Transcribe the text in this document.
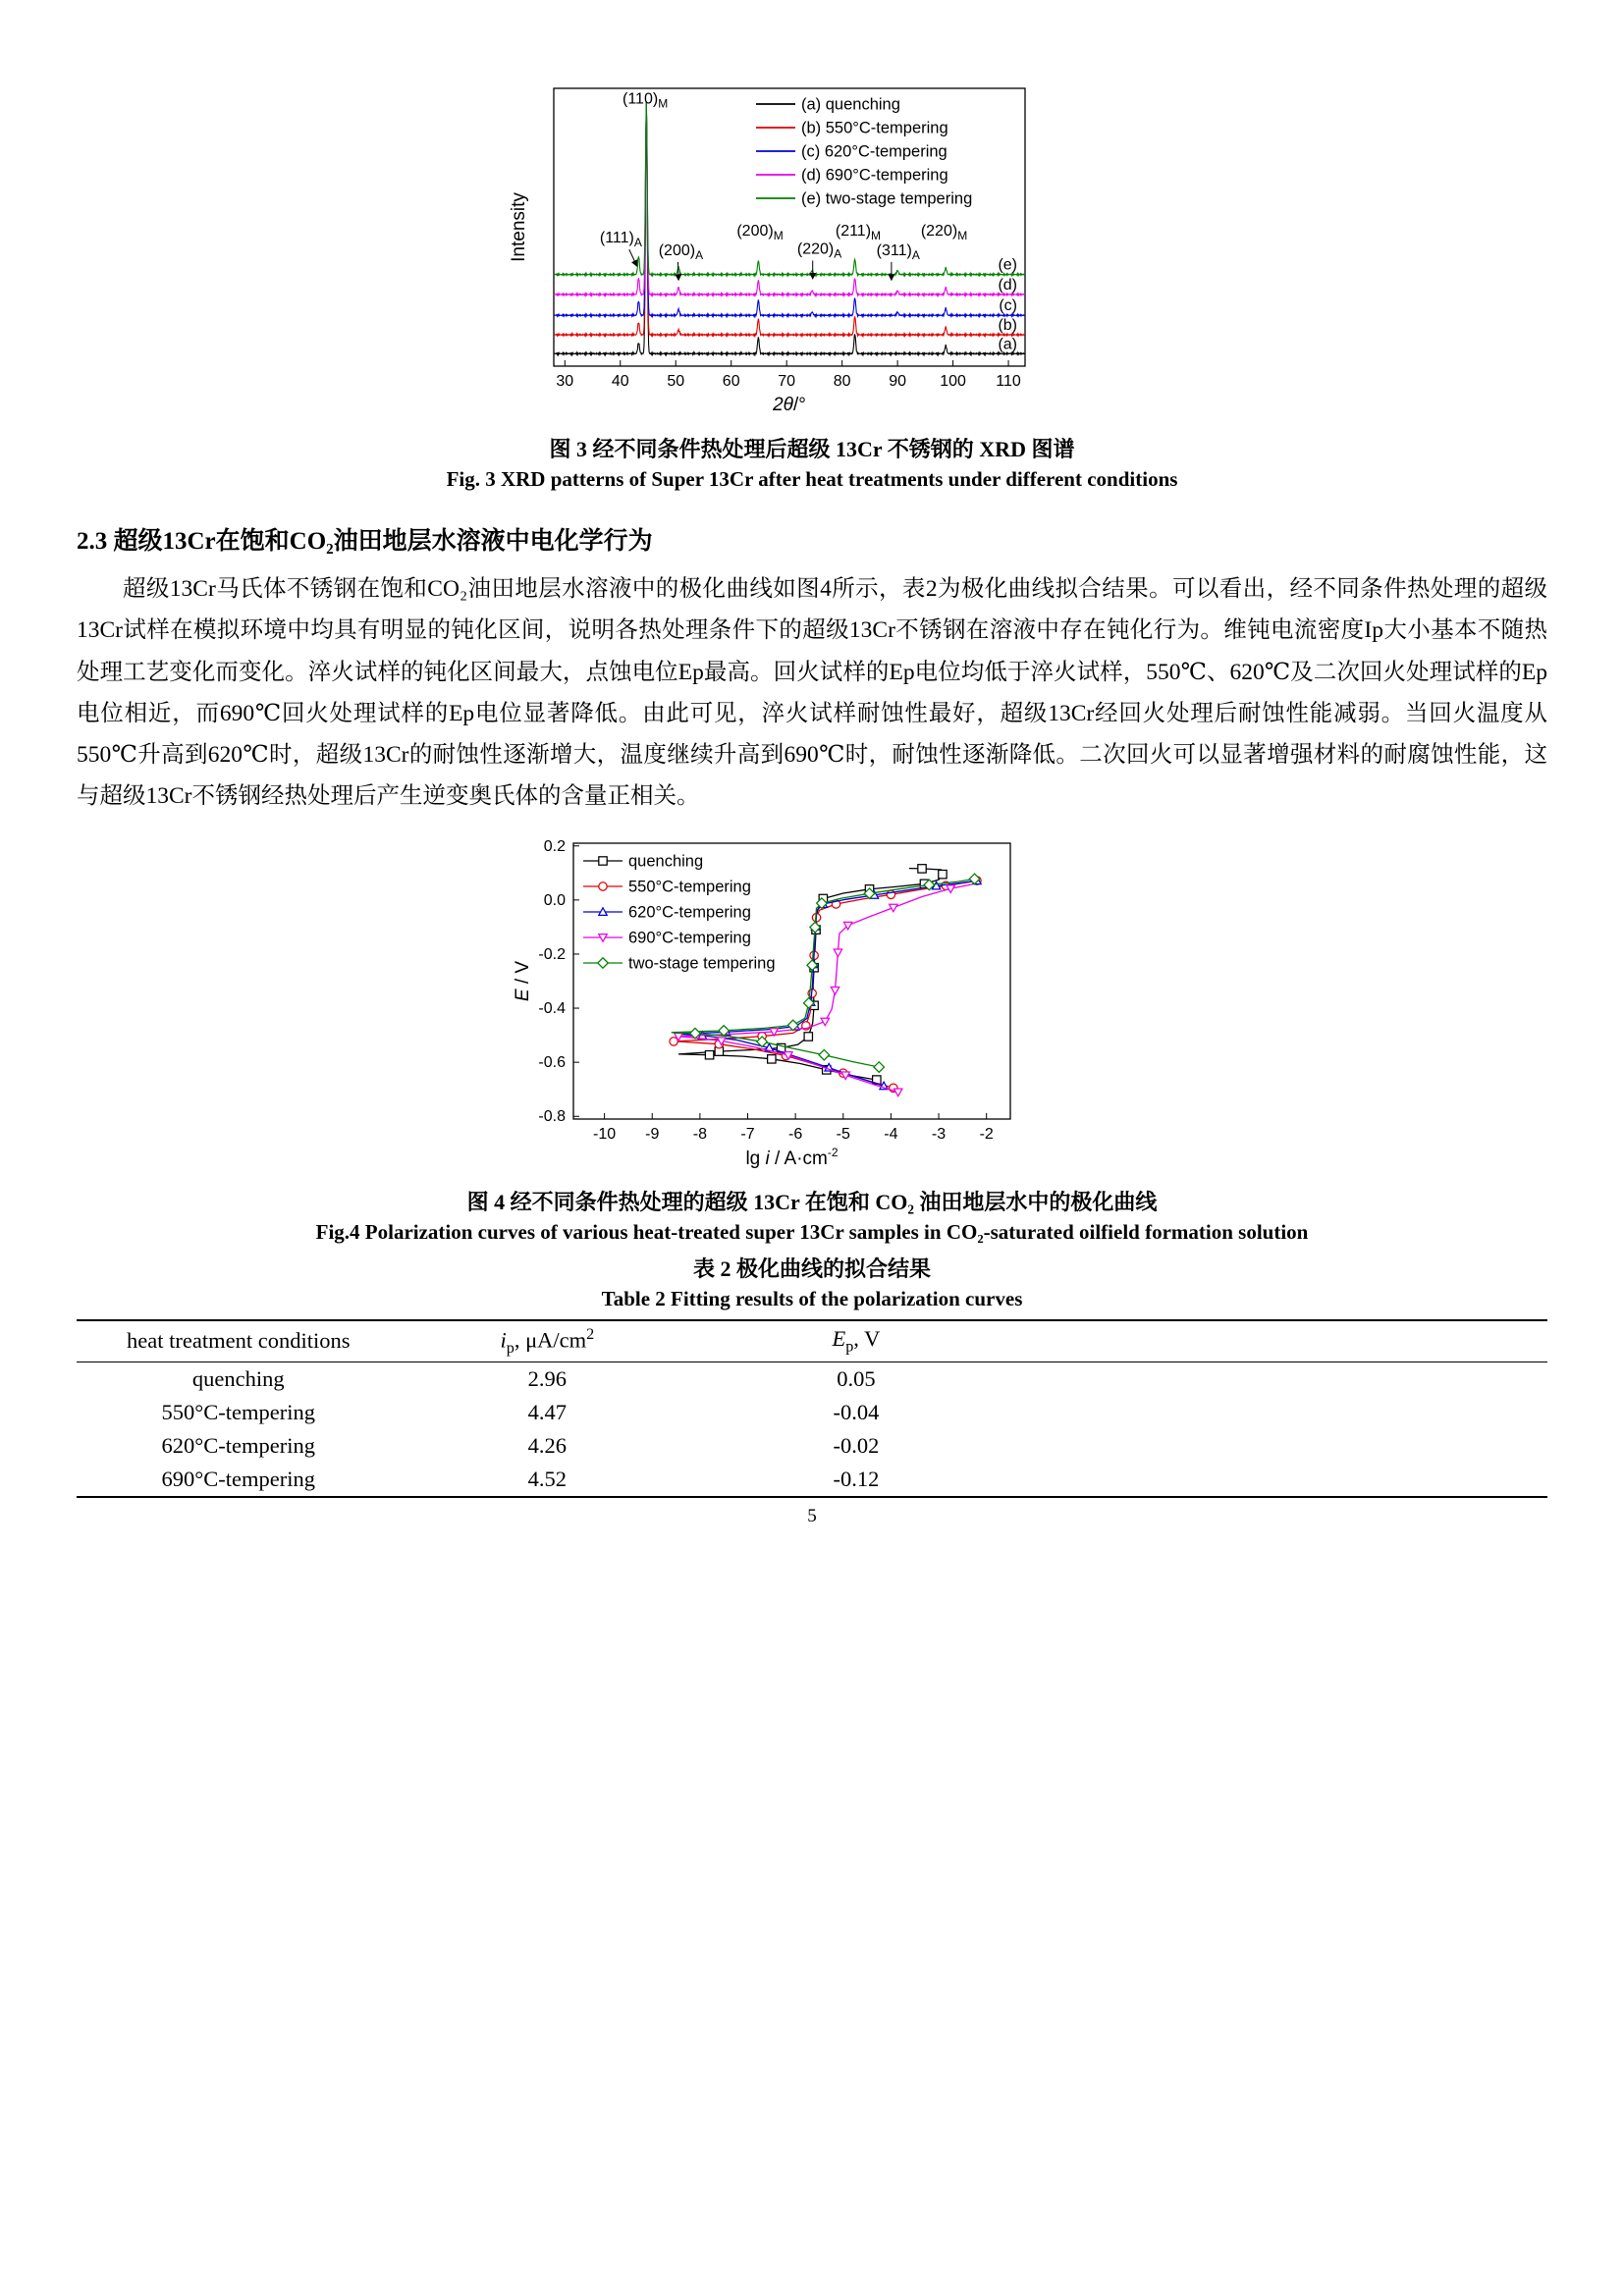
30 40 50 60 70 80 90 100 110
(a)
(b)
(c)
(d)
(e)
$(110)_M$
$(111)_A$ $(200)_A$
$(200)_M$
$(220)_A$
$(211)_M$
$(311)_A$
$(220)_M$
(a) quenching
(b) 550°C-tempering
(c) 620°C-tempering
(d) 690°C-tempering
(e) two-stage tempering
2θ/°
Intensity
图 3 经不同条件热处理后超级 13Cr 不锈钢的 XRD 图谱
Fig. 3 XRD patterns of Super 13Cr after heat treatments under different conditions
2.3 超级13Cr在饱和CO₂油田地层水溶液中电化学行为

超级13Cr马氏体不锈钢在饱和CO₂油田地层水溶液中的极化曲线如图4所示，表2为极化曲线拟合结果。可以看出，经不同条件热处理的超级13Cr试样在模拟环境中均具有明显的钝化区间，说明各热处理条件下的超级13Cr不锈钢在溶液中存在钝化行为。维钝电流密度Ip大小基本不随热处理工艺变化而变化。淬火试样的钝化区间最大，点蚀电位Ep最高。回火试样的Ep电位均低于淬火试样，550℃、620℃及二次回火处理试样的Ep电位相近，而690℃回火处理试样的Ep电位显著降低。由此可见，淬火试样耐蚀性最好，超级13Cr经回火处理后耐蚀性能减弱。当回火温度从550℃升高到620℃时，超级13Cr的耐蚀性逐渐增大，温度继续升高到690℃时，耐蚀性逐渐降低。二次回火可以显著增强材料的耐腐蚀性能，这与超级13Cr不锈钢经热处理后产生逆变奥氏体的含量正相关。

-10 -9 -8 -7 -6 -5 -4 -3 -2
0.2
0.0
-0.2
-0.4
-0.6
-0.8
quenching
550°C-tempering
620°C-tempering
690°C-tempering
two-stage tempering
$\lg i / A\cdot cm^{-2}$
E / V
图 4 经不同条件热处理的超级 13Cr 在饱和 CO₂ 油田地层水中的极化曲线
Fig.4 Polarization curves of various heat-treated super 13Cr samples in CO₂-saturated oilfield formation solution
表 2 极化曲线的拟合结果
Table 2 Fitting results of the polarization curves
heat treatment conditions	$i_p$, $\mu A/cm^2$	$E_p$, V	
quenching	2.96	0.05	
550°C-tempering	4.47	-0.04	
620°C-tempering	4.26	-0.02	
690°C-tempering	4.52	-0.12	
5
